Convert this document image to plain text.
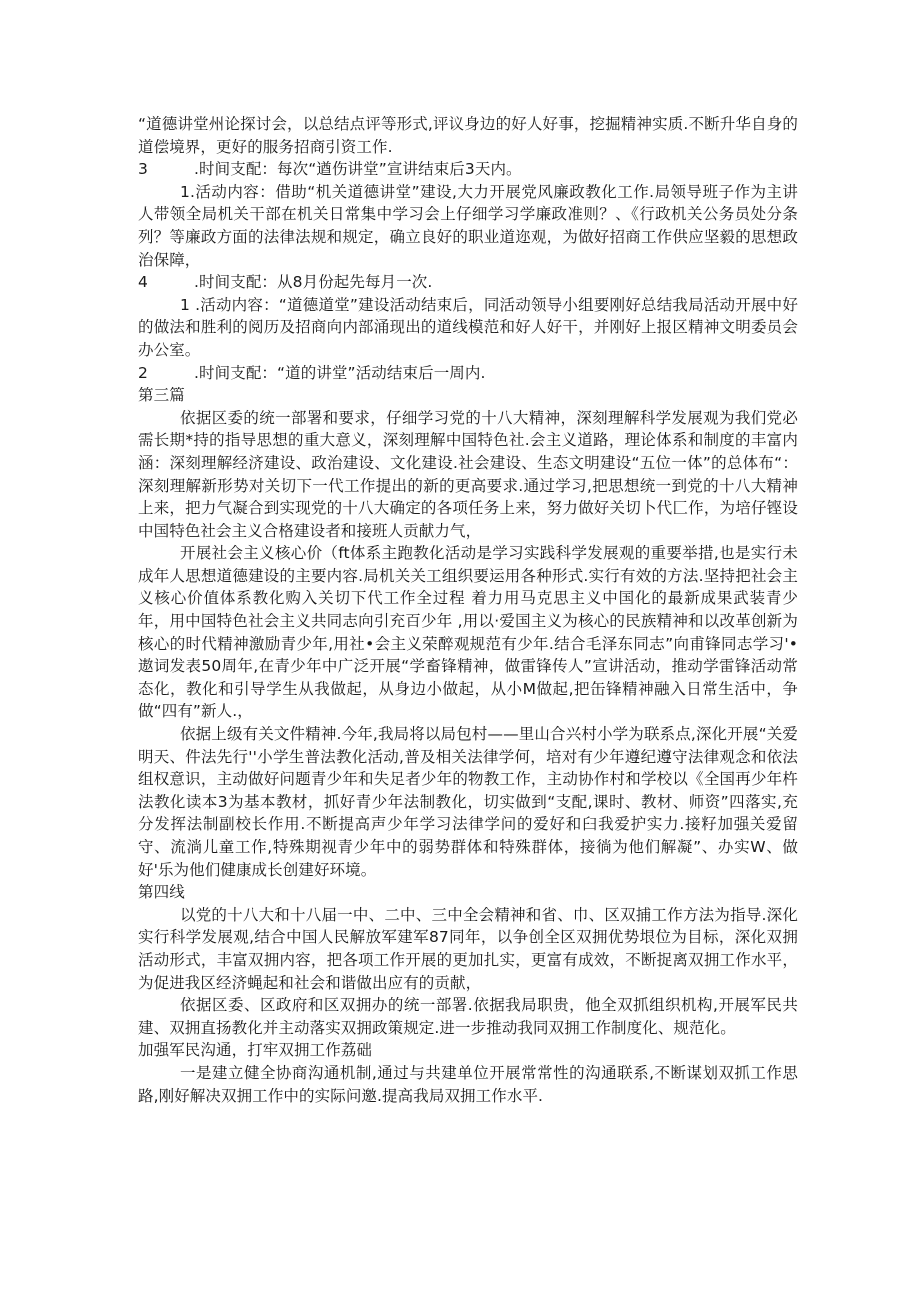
“道德讲堂州论探讨会，以总结点评等形式,评议身边的好人好事，挖掘精神实质.不断升华自身的道偿境界，更好的服务招商引资工作.

3	.时间支配：每次“遒伤讲堂”宣讲结束后3天内。

1.活动内容：借助“机关道德讲堂”建设,大力开展党风廉政教化工作.局领导班子作为主讲人带领全局机关干部在机关日常集中学习会上仔细学习学廉政准则？、《行政机关公务员处分条列？等廉政方面的法律法规和规定，确立良好的职业道迩观，为做好招商工作供应坚毅的思想政治保障，

4	.时间支配：从8月份起先每月一次.

1 .活动内容：“道德道堂”建设活动结束后，同活动领导小组要刚好总结我局活动开展中好的做法和胜利的阅历及招商向内部涌现出的道线模范和好人好干，并刚好上报区精神文明委员会办公室。

2	.时间支配：“道的讲堂”活动结束后一周内.

第三篇

依据区委的统一部署和要求，仔细学习党的十八大精神，深刻理解科学发展观为我们党必需长期*持的指导思想的重大意义，深刻理解中国特色社.会主义道路，理论体系和制度的丰富内涵：深刻理解经济建设、政治建设、文化建设.社会建设、生态文明建设“五位一体”的总体布“：深刻理解新形势对关切下一代工作提出的新的更高要求.通过学习,把思想统一到党的十八大精神上来，把力气凝合到实现党的十八大确定的各项任务上来，努力做好关切卜代匚作，为培仔铿设中国特色社会主义合格建设者和接班人贡献力气，

开展社会主义核心价（ft体系主跑教化活动是学习实践科学发展观的重要举措,也是实行未成年人思想道德建设的主要内容.局机关关工组织要运用各种形式.实行有效的方法.坚持把社会主义核心价值体系教化购入关切下代工作全过程 着力用马克思主义中国化的最新成果武装青少年，用中国特色社会主义共同志向引充百少年 ,用以·爱国主义为核心的民族精神和以改革创新为核心的时代精神激励青少年,用社•会主义荣醉观规范有少年.结合毛泽东同志”向甫锋同志学习'•遨词发表50周年,在青少年中广泛开展“学畜锋精神，做雷锋传人”宣讲活动，推动学雷锋活动常态化，教化和引导学生从我做起，从身边小做起，从小M做起,把缶锋精神融入日常生活中，争做“四有”新人.，

依据上级有关文件精神.今年,我局将以局包村——里山合兴村小学为联系点,深化开展“关爱明天、件法先行''小学生普法教化活动,普及相关法律学何，培对有少年遵纪遵守法律观念和依法组权意识，主动做好问题青少年和失足者少年的物教工作，主动协作村和学校以《全国再少年杵法教化读本3为基本教材，抓好青少年法制教化，切实做到“支配,课时、教材、师资”四落实,充分发挥法制副校长作用.不断提高声少年学习法律学问的爱好和臼我爱护实力.接籽加强关爱留守、流淌儿童工作,特殊期视青少年中的弱势群体和特殊群体，接徜为他们解凝”、办实W、做好'乐为他们健康成长创建好环境。

第四线

以党的十八大和十八届一中、二中、三中全会精神和省、巾、区双捕工作方法为指导.深化实行科学发展观,结合中国人民解放军建军87同年，以争创全区双拥优势垠位为目标，深化双拥活动形式，丰富双拥内容，把各项工作开展的更加扎实，更富有成效，不断捉离双拥工作水平，为促进我区经济蝇起和社会和谐做出应有的贡献，

依据区委、区政府和区双拥办的统一部署.依据我局职贵，他全双抓组织机构,开展军民共建、双拥直扬教化并主动落实双拥政策规定.进一步推动我同双拥工作制度化、规范化。

加强军民沟通，打牢双拥工作荔础

一是建立健全协商沟通机制,通过与共建单位开展常常性的沟通联系,不断谋划双抓工作思路,刚好解决双拥工作中的实际问邀.提高我局双拥工作水平.
